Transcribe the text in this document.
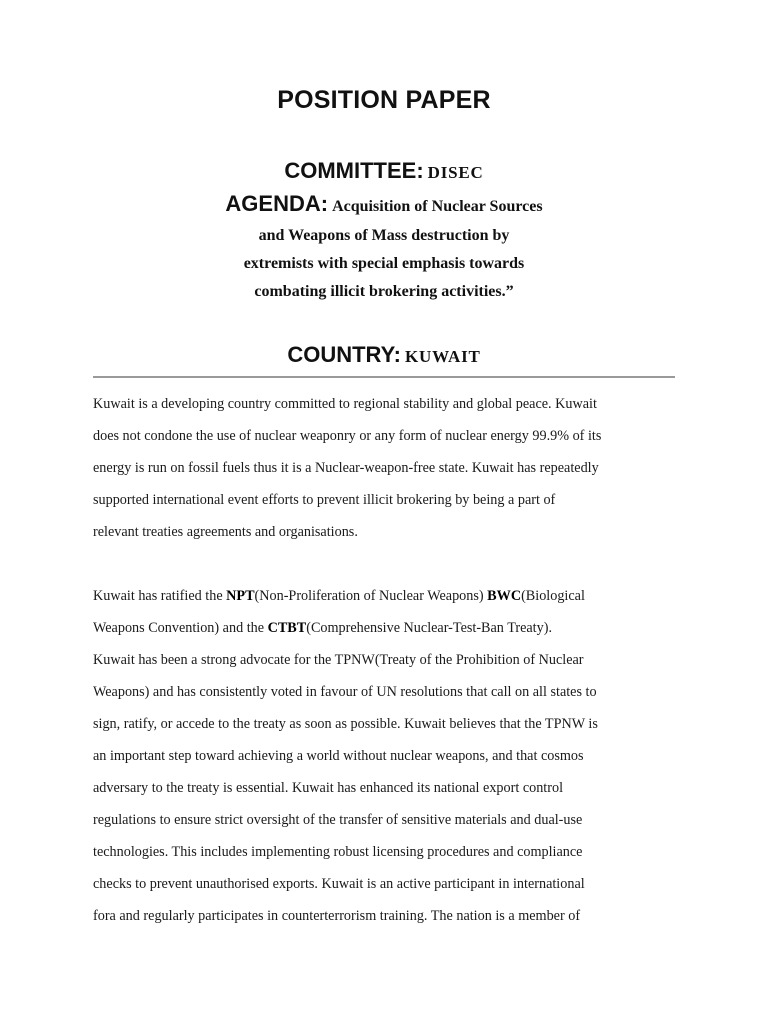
POSITION PAPER

COMMITTEE: DISEC

AGENDA: Acquisition of Nuclear Sources

and Weapons of Mass destruction by

extremists with special emphasis towards

combating illicit brokering activities.”

COUNTRY: KUWAIT

Kuwait is a developing country committed to regional stability and global peace. Kuwait

does not condone the use of nuclear weaponry or any form of nuclear energy 99.9% of its

energy is run on fossil fuels thus it is a Nuclear-weapon-free state. Kuwait has repeatedly

supported international event efforts to prevent illicit brokering by being a part of

relevant treaties agreements and organisations.

Kuwait has ratified the NPT(Non-Proliferation of Nuclear Weapons) BWC(Biological

Weapons Convention) and the CTBT(Comprehensive Nuclear-Test-Ban Treaty).

Kuwait has been a strong advocate for the TPNW(Treaty of the Prohibition of Nuclear

Weapons) and has consistently voted in favour of UN resolutions that call on all states to

sign, ratify, or accede to the treaty as soon as possible. Kuwait believes that the TPNW is

an important step toward achieving a world without nuclear weapons, and that cosmos

adversary to the treaty is essential. Kuwait has enhanced its national export control

regulations to ensure strict oversight of the transfer of sensitive materials and dual-use

technologies. This includes implementing robust licensing procedures and compliance

checks to prevent unauthorised exports. Kuwait is an active participant in international

fora and regularly participates in counterterrorism training. The nation is a member of
